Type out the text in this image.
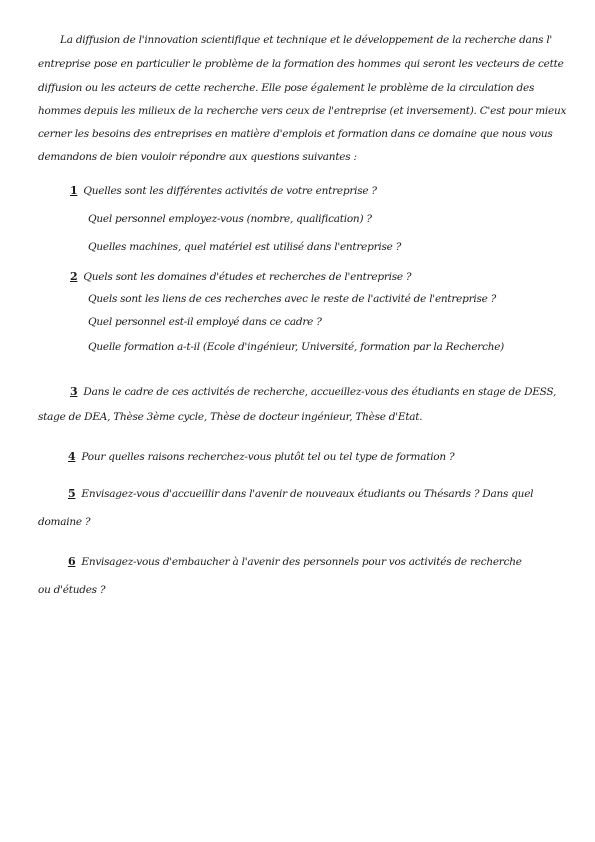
La diffusion de l'innovation scientifique et technique et le développement de la recherche dans l'
entreprise pose en particulier le problème de la formation des hommes qui seront les vecteurs de cette
diffusion ou les acteurs de cette recherche. Elle pose également le problème de la circulation des
hommes depuis les milieux de la recherche vers ceux de l'entreprise (et inversement). C'est pour mieux
cerner les besoins des entreprises en matière d'emplois et formation dans ce domaine que nous vous
demandons de bien vouloir répondre aux questions suivantes :
1 Quelles sont les différentes activités de votre entreprise ?
Quel personnel employez-vous (nombre, qualification) ?
Quelles machines, quel matériel est utilisé dans l'entreprise ?
2 Quels sont les domaines d'études et recherches de l'entreprise ?
Quels sont les liens de ces recherches avec le reste de l'activité de l'entreprise ?
Quel personnel est-il employé dans ce cadre ?
Quelle formation a-t-il (Ecole d'ingénieur, Université, formation par la Recherche)
3 Dans le cadre de ces activités de recherche, accueillez-vous des étudiants en stage de DESS,
stage de DEA, Thèse 3ème cycle, Thèse de docteur ingénieur, Thèse d'Etat.
4 Pour quelles raisons recherchez-vous plutôt tel ou tel type de formation ?
5 Envisagez-vous d'accueillir dans l'avenir de nouveaux étudiants ou Thésards ? Dans quel
domaine ?
6 Envisagez-vous d'embaucher à l'avenir des personnels pour vos activités de recherche
ou d'études ?
